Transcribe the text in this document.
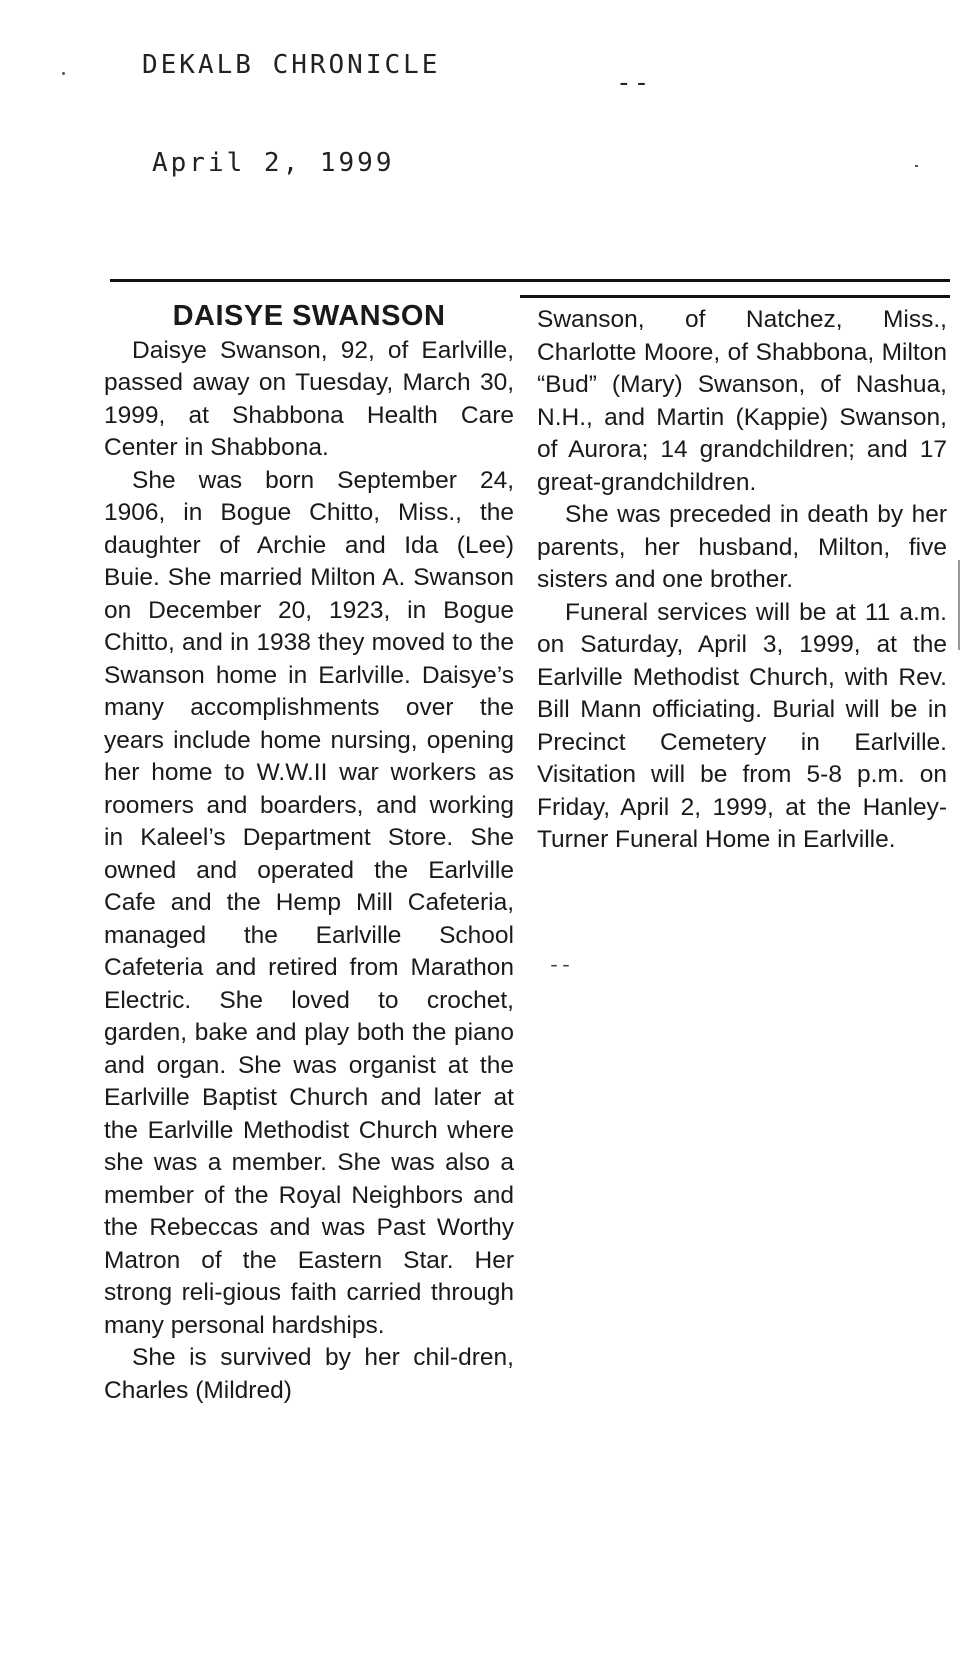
DEKALB CHRONICLE
--
April 2, 1999
DAISYE SWANSON

Daisye Swanson, 92, of Earlville, passed away on Tuesday, March 30, 1999, at Shabbona Health Care Center in Shabbona.

She was born September 24, 1906, in Bogue Chitto, Miss., the daughter of Archie and Ida (Lee) Buie. She married Milton A. Swanson on December 20, 1923, in Bogue Chitto, and in 1938 they moved to the Swanson home in Earlville. Daisye’s many accomplishments over the years include home nursing, opening her home to W.W.II war workers as roomers and boarders, and working in Kaleel’s Department Store. She owned and operated the Earlville Cafe and the Hemp Mill Cafeteria, managed the Earlville School Cafeteria and retired from Marathon Electric. She loved to crochet, garden, bake and play both the piano and organ. She was organist at the Earlville Baptist Church and later at the Earlville Methodist Church where she was a member. She was also a member of the Royal Neighbors and the Rebeccas and was Past Worthy Matron of the Eastern Star. Her strong reli-gious faith carried through many personal hardships.

She is survived by her chil-dren, Charles (Mildred)

Swanson, of Natchez, Miss., Charlotte Moore, of Shabbona, Milton “Bud” (Mary) Swanson, of Nashua, N.H., and Martin (Kappie) Swanson, of Aurora; 14 grandchildren; and 17 great-grandchildren.

She was preceded in death by her parents, her husband, Milton, five sisters and one brother.

Funeral services will be at 11 a.m. on Saturday, April 3, 1999, at the Earlville Methodist Church, with Rev. Bill Mann officiating. Burial will be in Precinct Cemetery in Earlville. Visitation will be from 5-8 p.m. on Friday, April 2, 1999, at the Hanley-Turner Funeral Home in Earlville.

--
